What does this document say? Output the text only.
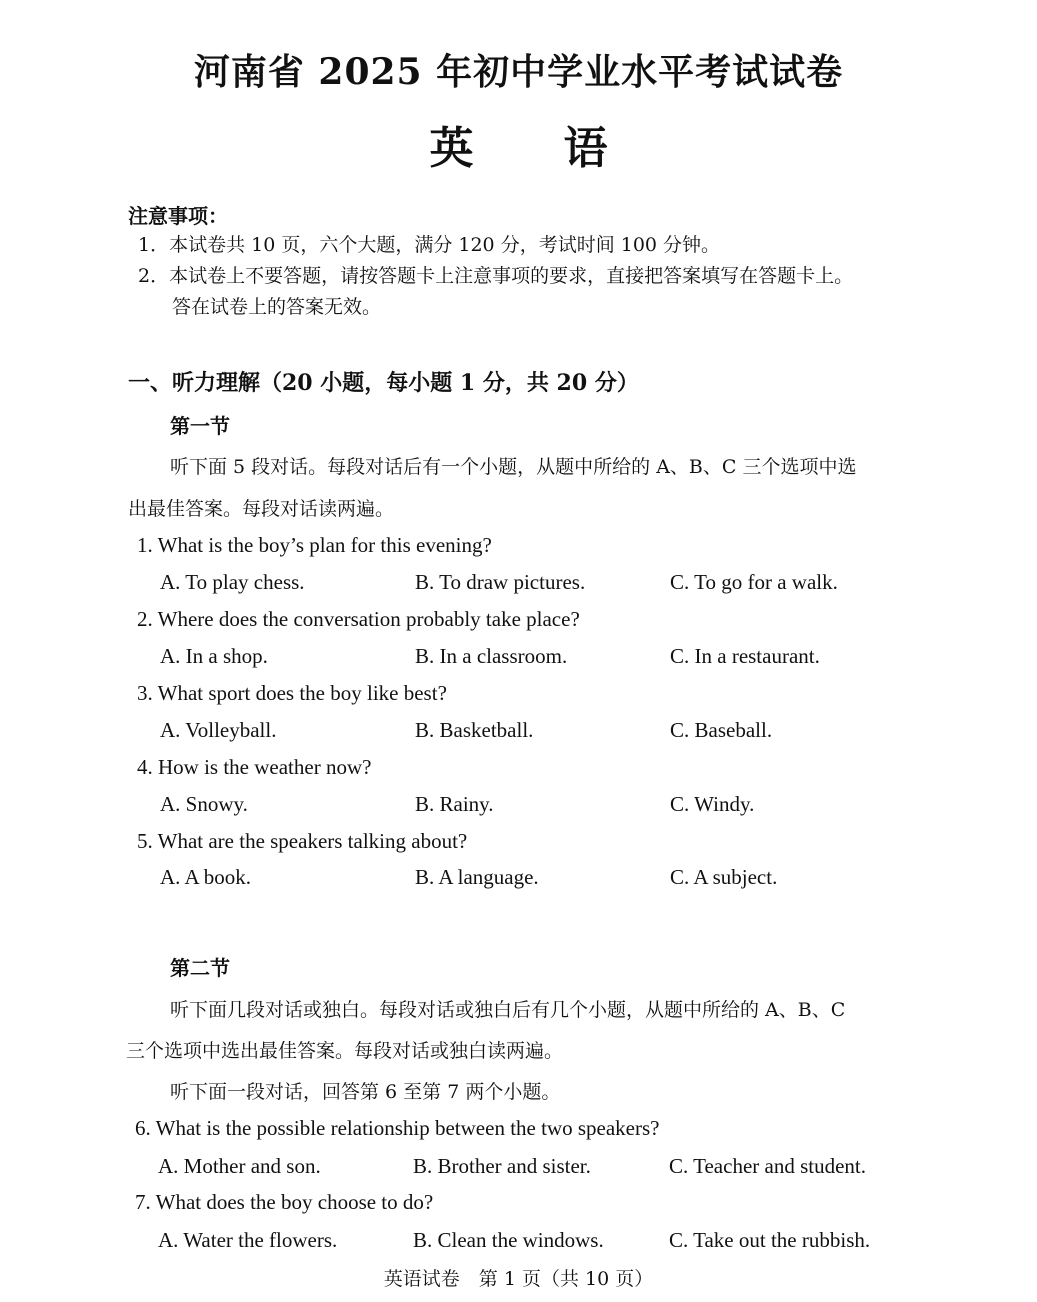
河南省 2025 年初中学业水平考试试卷
英语
注意事项：
1．本试卷共 10 页，六个大题，满分 120 分，考试时间 100 分钟。
2．本试卷上不要答题，请按答题卡上注意事项的要求，直接把答案填写在答题卡上。
答在试卷上的答案无效。
一、听力理解（20 小题，每小题 1 分，共 20 分）
第一节
听下面 5 段对话。每段对话后有一个小题，从题中所给的 A、B、C 三个选项中选
出最佳答案。每段对话读两遍。
1. What is the boy’s plan for this evening?
A. To play chess.	B. To draw pictures.	C. To go for a walk.
2. Where does the conversation probably take place?
A. In a shop.	B. In a classroom.	C. In a restaurant.
3. What sport does the boy like best?
A. Volleyball.	B. Basketball.	C. Baseball.
4. How is the weather now?
A. Snowy.	B. Rainy.	C. Windy.
5. What are the speakers talking about?
A. A book.	B. A language.	C. A subject.
第二节
听下面几段对话或独白。每段对话或独白后有几个小题，从题中所给的 A、B、C
三个选项中选出最佳答案。每段对话或独白读两遍。
听下面一段对话，回答第 6 至第 7 两个小题。
6. What is the possible relationship between the two speakers?
A. Mother and son.	B. Brother and sister.	C. Teacher and student.
7. What does the boy choose to do?
A. Water the flowers.	B. Clean the windows.	C. Take out the rubbish.
英语试卷　第 1 页（共 10 页）
